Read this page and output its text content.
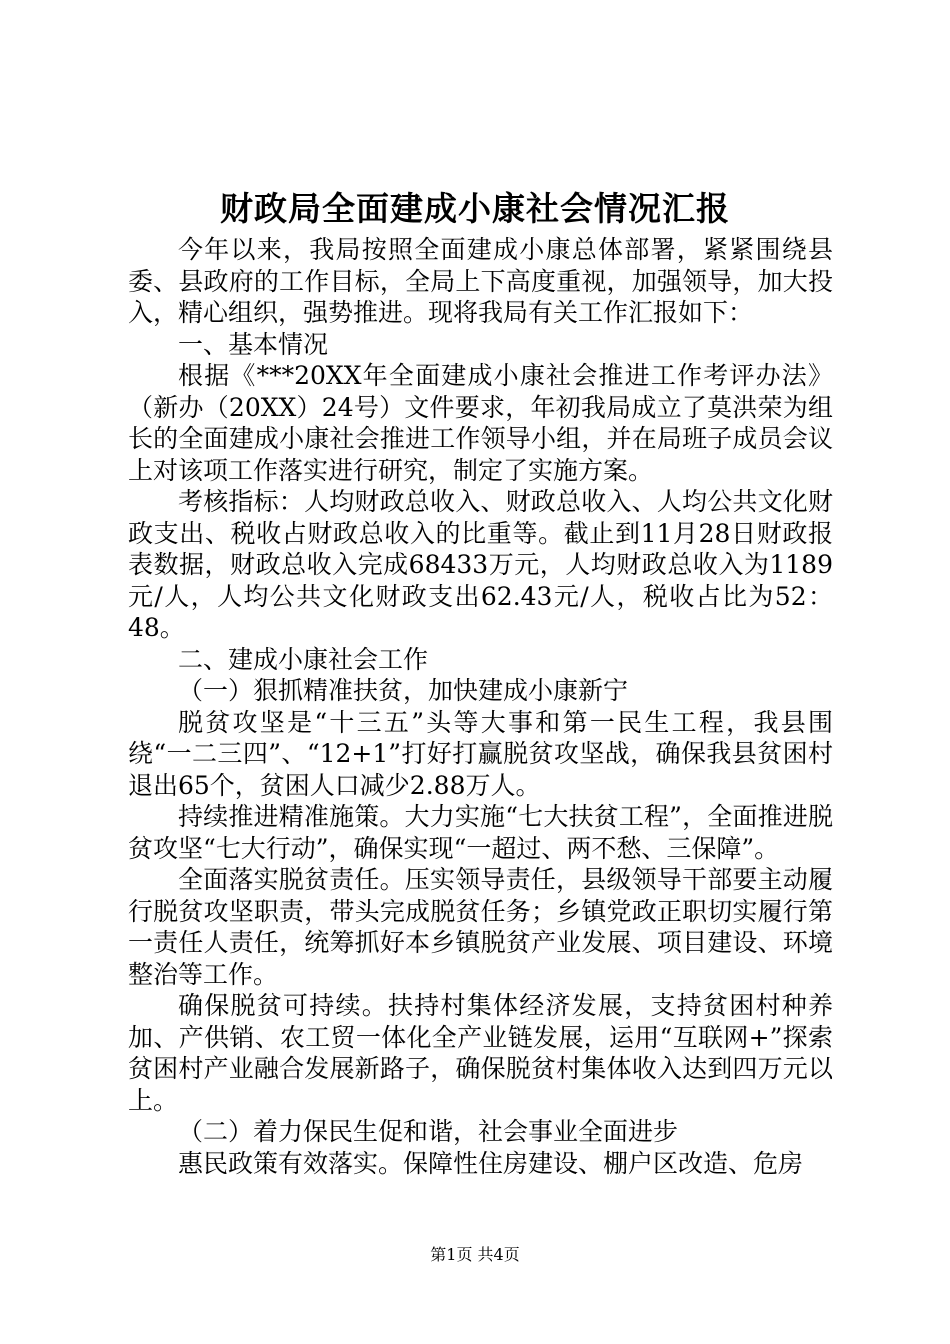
财政局全面建成小康社会情况汇报

今年以来，我局按照全面建成小康总体部署，紧紧围绕县委、县政府的工作目标，全局上下高度重视，加强领导，加大投入，精心组织，强势推进。现将我局有关工作汇报如下：

一、基本情况

根据《***20XX年全面建成小康社会推进工作考评办法》（新办（20XX）24号）文件要求，年初我局成立了莫洪荣为组长的全面建成小康社会推进工作领导小组，并在局班子成员会议上对该项工作落实进行研究，制定了实施方案。

考核指标：人均财政总收入、财政总收入、人均公共文化财政支出、税收占财政总收入的比重等。截止到11月28日财政报表数据，财政总收入完成68433万元，人均财政总收入为1189元/人，人均公共文化财政支出62.43元/人，税收占比为52：48。

二、建成小康社会工作

（一）狠抓精准扶贫，加快建成小康新宁

脱贫攻坚是“十三五”头等大事和第一民生工程，我县围绕“一二三四”、“12+1”打好打赢脱贫攻坚战，确保我县贫困村退出65个，贫困人口减少2.88万人。

持续推进精准施策。大力实施“七大扶贫工程”，全面推进脱贫攻坚“七大行动”，确保实现“一超过、两不愁、三保障”。

全面落实脱贫责任。压实领导责任，县级领导干部要主动履行脱贫攻坚职责，带头完成脱贫任务；乡镇党政正职切实履行第一责任人责任，统筹抓好本乡镇脱贫产业发展、项目建设、环境整治等工作。

确保脱贫可持续。扶持村集体经济发展，支持贫困村种养加、产供销、农工贸一体化全产业链发展，运用“互联网+”探索贫困村产业融合发展新路子，确保脱贫村集体收入达到四万元以上。

（二）着力保民生促和谐，社会事业全面进步

惠民政策有效落实。保障性住房建设、棚户区改造、危房

第1页 共4页
